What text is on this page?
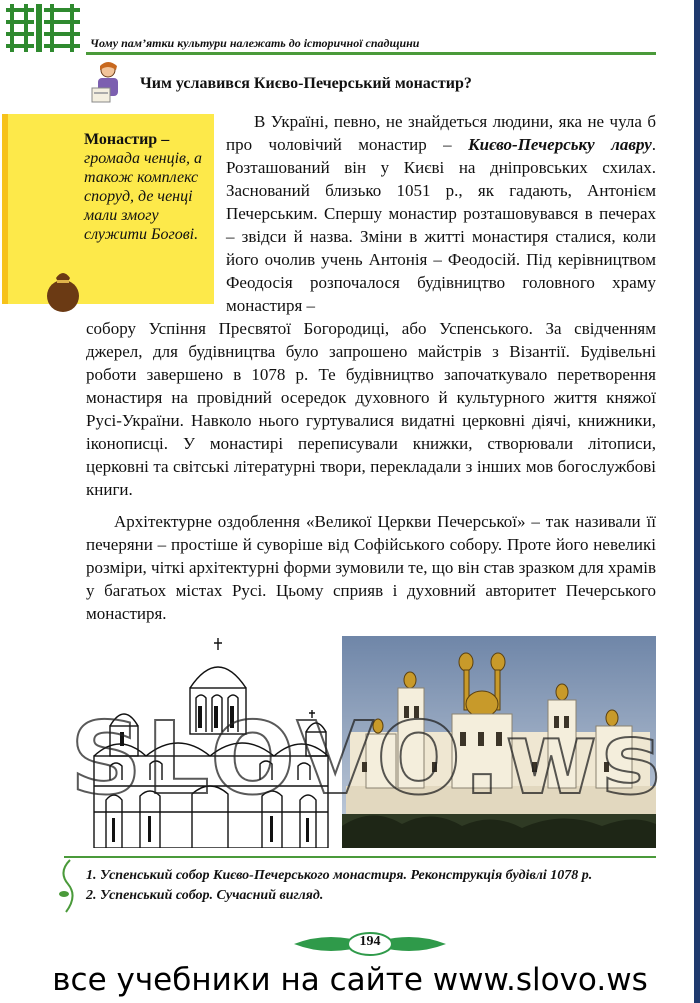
Чому пам’ятки культури належать до історичної спадщини
Чим уславився Києво-Печерський монастир?
Монастир – громада ченців, а також комплекс споруд, де ченці мали змогу служити Богові.
В Україні, певно, не знайдеться людини, яка не чула б про чоловічий монастир – Києво-Печерську лавру. Розташований він у Києві на дніпровських схилах. Заснований близько 1051 р., як гадають, Антонієм Печерським. Спершу монастир розташовувався в печерах – звідси й назва. Зміни в житті монастиря сталися, коли його очолив учень Антонія – Феодосій. Під керівництвом Феодосія розпочалося будівництво головного храму монастиря –
собору Успіння Пресвятої Богородиці, або Успенського. За свідченням джерел, для будівництва було запрошено майстрів з Візантії. Будівельні роботи завершено в 1078 р. Те будівництво започаткувало перетворення монастиря на провідний осередок духовного й культурного життя княжої Русі-України. Навколо нього гуртувалися видатні церковні діячі, книжники, іконописці. У монастирі переписували книжки, створювали літописи, церковні та світські літературні твори, перекладали з інших мов богослужбові книги.
Архітектурне оздоблення «Великої Церкви Печерської» – так називали її печеряни – простіше й суворіше від Софійського собору. Проте його невеликі розміри, чіткі архітектурні форми зумовили те, що він став зразком для храмів у багатьох містах Русі. Цьому сприяв і духовний авторитет Печерського монастиря.
1
SLOVO.ws
1. Успенський собор Києво-Печерського монастиря. Реконструкція будівлі 1078 р.
2. Успенський собор. Сучасний вигляд.
194
все учебники на сайте www.slovo.ws
